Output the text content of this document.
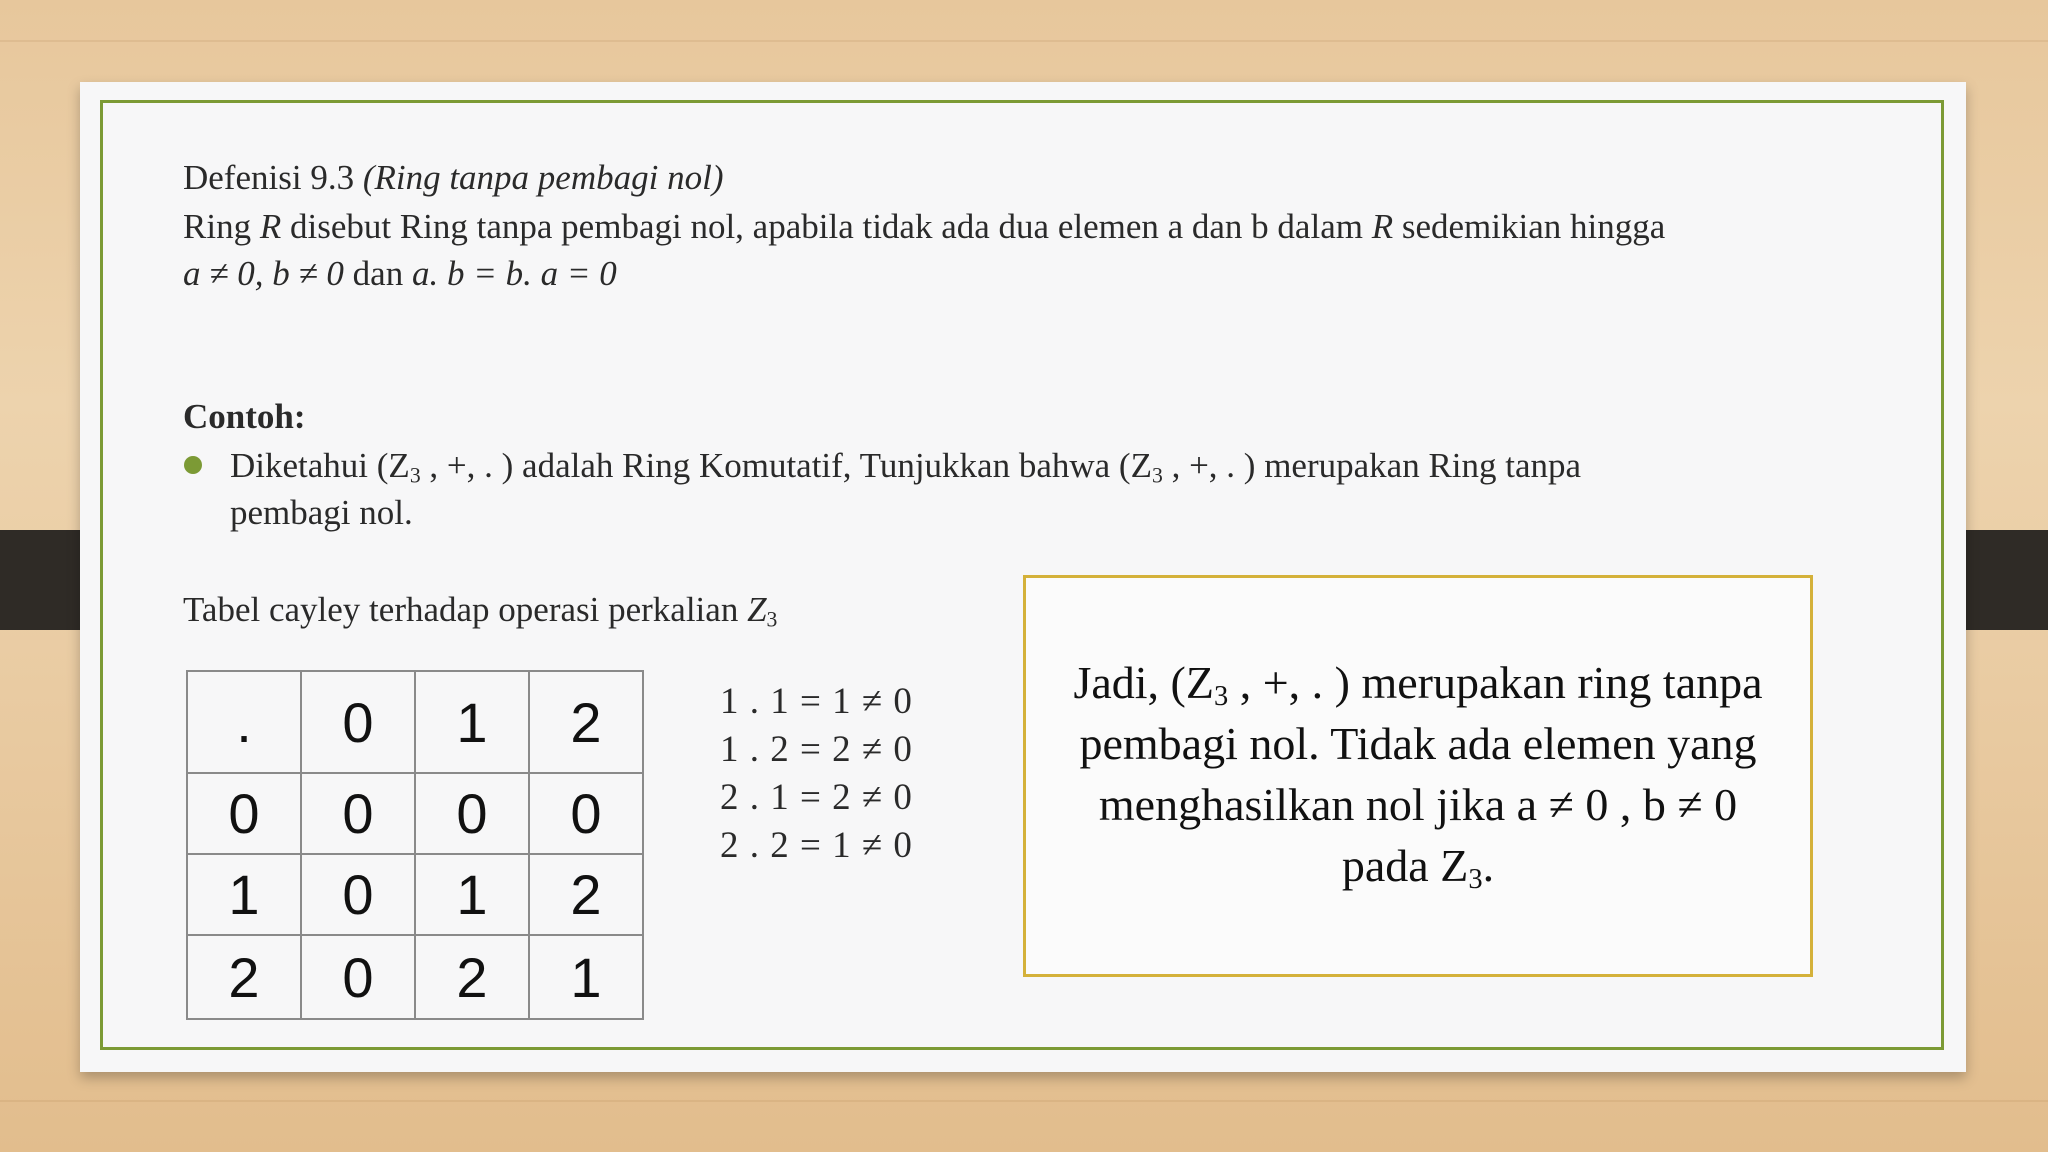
Defenisi 9.3 (Ring tanpa pembagi nol)
Ring R disebut Ring tanpa pembagi nol, apabila tidak ada dua elemen a dan b dalam R sedemikian hingga
a ≠ 0, b ≠ 0 dan a. b = b. a = 0
Contoh:
Diketahui ($Z_3$ , +, . ) adalah Ring Komutatif, Tunjukkan bahwa ($Z_3$ , +, . ) merupakan Ring tanpa
pembagi nol.
Tabel cayley terhadap operasi perkalian $Z_3$
.	0	1	2
0	0	0	0
1	0	1	2
2	0	2	1
1 . 1 = 1 ≠ 0
1 . 2 = 2 ≠ 0
2 . 1 = 2 ≠ 0
2 . 2 = 1 ≠ 0
Jadi, ($Z_3$ , +, . ) merupakan ring tanpa
pembagi nol. Tidak ada elemen yang
menghasilkan nol jika a ≠ 0 , b ≠ 0
pada $Z_3$.
